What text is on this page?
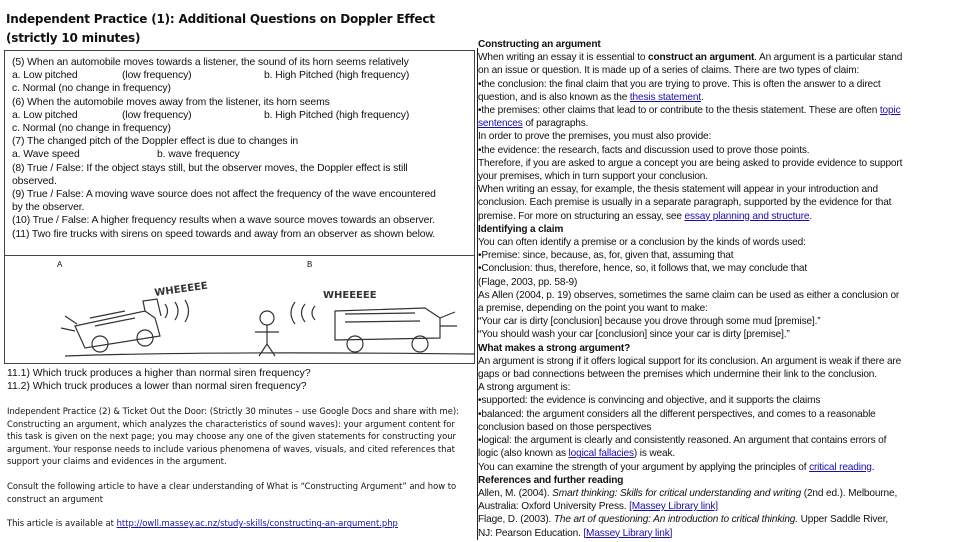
Independent Practice (1): Additional Questions on Doppler Effect (strictly 10 minutes)

(5) When an automobile moves towards a listener, the sound of its horn seems relatively

a. Low pitched	(low frequency)	b. High Pitched (high frequency)

c. Normal (no change in frequency)

(6) When the automobile moves away from the listener, its horn seems

a. Low pitched	(low frequency)	b. High Pitched (high frequency)

c. Normal (no change in frequency)

(7) The changed pitch of the Doppler effect is due to changes in

a. Wave speed	b. wave frequency

(8) True / False: If the object stays still, but the observer moves, the Doppler effect is still

observed.

(9) True / False: A moving wave source does not affect the frequency of the wave encountered

by the observer.

(10) True / False: A higher frequency results when a wave source moves towards an observer.

(11) Two fire trucks with sirens on speed towards and away from an observer as shown below.

A	B
WHEEEEE	WHEEEEE

11.1) Which truck produces a higher than normal siren frequency?

11.2) Which truck produces a lower than normal siren frequency?

Independent Practice (2) & Ticket Out the Door: (Strictly 30 minutes – use Google Docs and share with me): Constructing an argument, which analyzes the characteristics of sound waves): your argument content for this task is given on the next page; you may choose any one of the given statements for constructing your argument. Your response needs to include various phenomena of waves, visuals, and cited references that support your claims and evidences in the argument.

Consult the following article to have a clear understanding of What is “Constructing Argument” and how to construct an argument

This article is available at http://owll.massey.ac.nz/study-skills/constructing-an-argument.php

Constructing an argument

When writing an essay it is essential to construct an argument. An argument is a particular stand

on an issue or question. It is made up of a series of claims. There are two types of claim:

•the conclusion: the final claim that you are trying to prove. This is often the answer to a direct

question, and is also known as the thesis statement.

•the premises: other claims that lead to or contribute to the thesis statement. These are often topic

sentences of paragraphs.

In order to prove the premises, you must also provide:

•the evidence: the research, facts and discussion used to prove those points.

Therefore, if you are asked to argue a concept you are being asked to provide evidence to support

your premises, which in turn support your conclusion.

When writing an essay, for example, the thesis statement will appear in your introduction and

conclusion. Each premise is usually in a separate paragraph, supported by the evidence for that

premise. For more on structuring an essay, see essay planning and structure.

Identifying a claim

You can often identify a premise or a conclusion by the kinds of words used:

•Premise: since, because, as, for, given that, assuming that

•Conclusion: thus, therefore, hence, so, it follows that, we may conclude that

(Flage, 2003, pp. 58-9)

As Allen (2004, p. 19) observes, sometimes the same claim can be used as either a conclusion or

a premise, depending on the point you want to make:

“Your car is dirty [conclusion] because you drove through some mud [premise].”

“You should wash your car [conclusion] since your car is dirty [premise].”

What makes a strong argument?

An argument is strong if it offers logical support for its conclusion. An argument is weak if there are

gaps or bad connections between the premises which undermine their link to the conclusion.

A strong argument is:

•supported: the evidence is convincing and objective, and it supports the claims

•balanced: the argument considers all the different perspectives, and comes to a reasonable

conclusion based on those perspectives

•logical: the argument is clearly and consistently reasoned. An argument that contains errors of

logic (also known as logical fallacies) is weak.

You can examine the strength of your argument by applying the principles of critical reading.

References and further reading

Allen, M. (2004). Smart thinking: Skills for critical understanding and writing (2nd ed.). Melbourne,

Australia: Oxford University Press. [Massey Library link]

Flage, D. (2003). The art of questioning: An introduction to critical thinking. Upper Saddle River,

NJ: Pearson Education. [Massey Library link]
